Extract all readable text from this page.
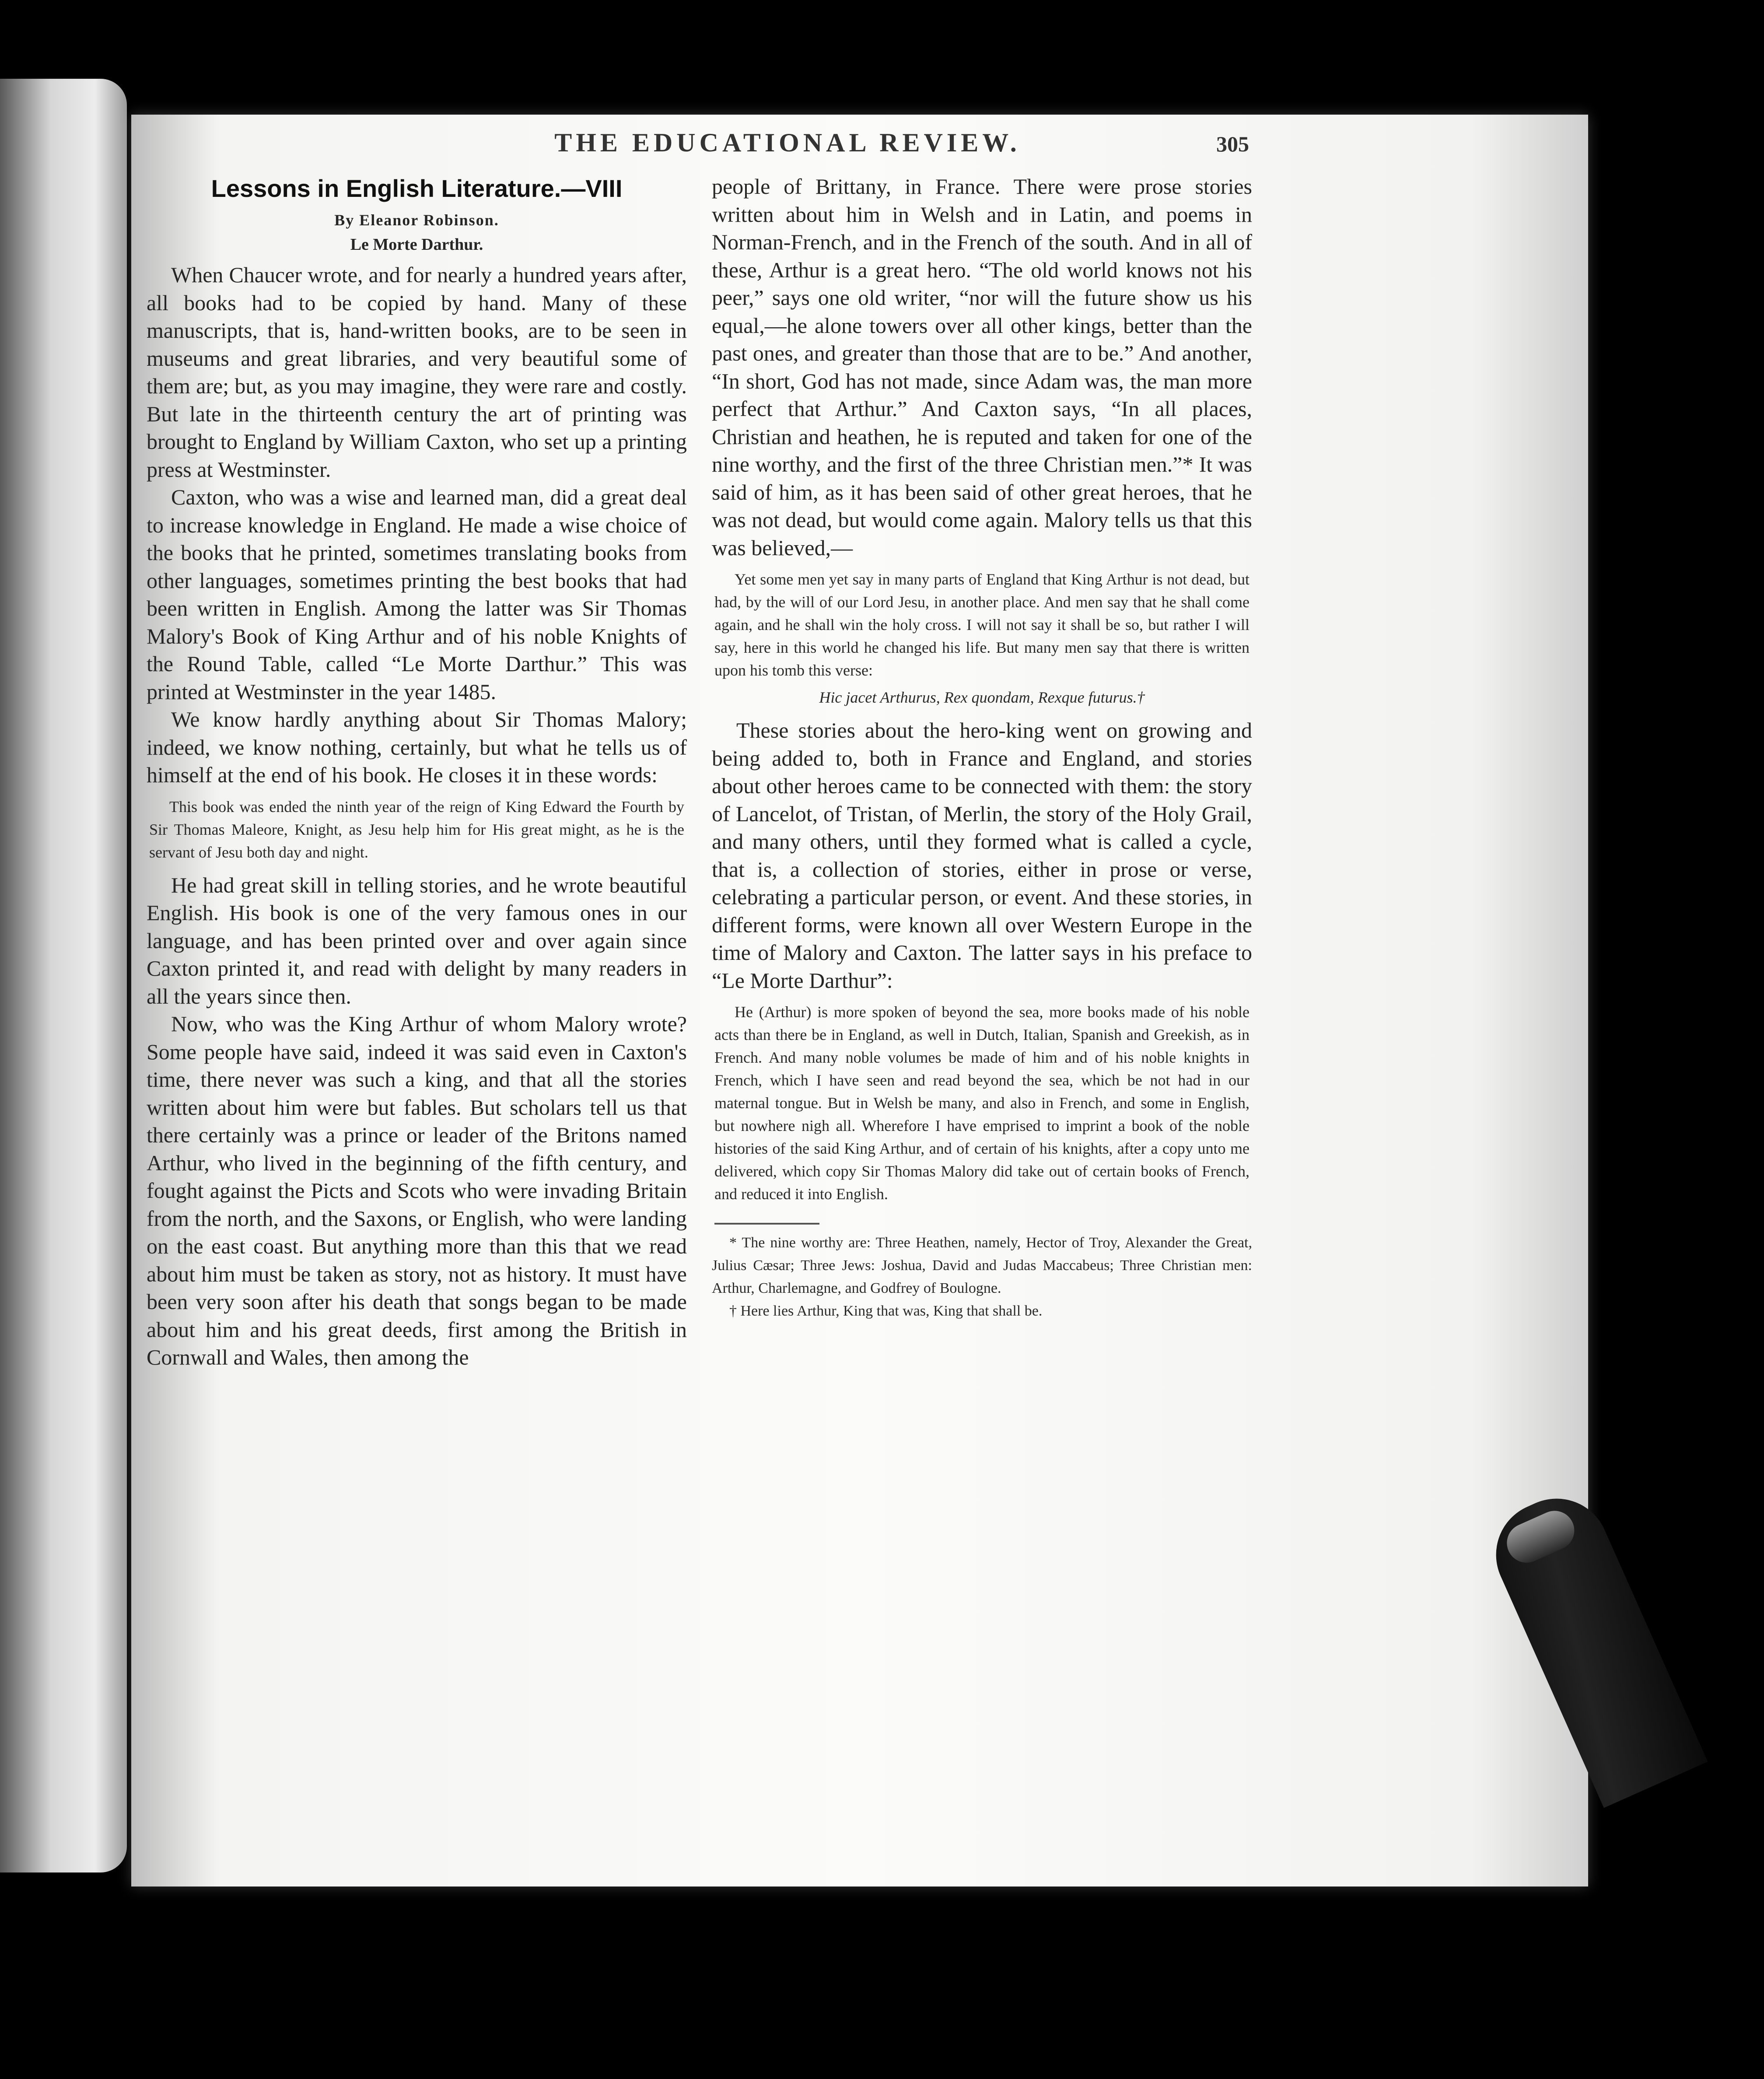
THE EDUCATIONAL REVIEW.	305
Lessons in English Literature.—VIII
By Eleanor Robinson.
Le Morte Darthur.

When Chaucer wrote, and for nearly a hundred years after, all books had to be copied by hand. Many of these manuscripts, that is, hand-written books, are to be seen in museums and great libraries, and very beautiful some of them are; but, as you may imagine, they were rare and costly. But late in the thirteenth century the art of printing was brought to England by William Caxton, who set up a printing press at Westminster.

Caxton, who was a wise and learned man, did a great deal to increase knowledge in England. He made a wise choice of the books that he printed, sometimes translating books from other languages, sometimes printing the best books that had been written in English. Among the latter was Sir Thomas Malory's Book of King Arthur and of his noble Knights of the Round Table, called “Le Morte Darthur.” This was printed at Westminster in the year 1485.

We know hardly anything about Sir Thomas Malory; indeed, we know nothing, certainly, but what he tells us of himself at the end of his book. He closes it in these words:

This book was ended the ninth year of the reign of King Edward the Fourth by Sir Thomas Maleore, Knight, as Jesu help him for His great might, as he is the servant of Jesu both day and night.

He had great skill in telling stories, and he wrote beautiful English. His book is one of the very famous ones in our language, and has been printed over and over again since Caxton printed it, and read with delight by many readers in all the years since then.

Now, who was the King Arthur of whom Malory wrote? Some people have said, indeed it was said even in Caxton's time, there never was such a king, and that all the stories written about him were but fables. But scholars tell us that there certainly was a prince or leader of the Britons named Arthur, who lived in the beginning of the fifth century, and fought against the Picts and Scots who were invading Britain from the north, and the Saxons, or English, who were landing on the east coast. But anything more than this that we read about him must be taken as story, not as history. It must have been very soon after his death that songs began to be made about him and his great deeds, first among the British in Cornwall and Wales, then among the

people of Brittany, in France. There were prose stories written about him in Welsh and in Latin, and poems in Norman-French, and in the French of the south. And in all of these, Arthur is a great hero. “The old world knows not his peer,” says one old writer, “nor will the future show us his equal,—he alone towers over all other kings, better than the past ones, and greater than those that are to be.” And another, “In short, God has not made, since Adam was, the man more perfect that Arthur.” And Caxton says, “In all places, Christian and heathen, he is reputed and taken for one of the nine worthy, and the first of the three Christian men.”* It was said of him, as it has been said of other great heroes, that he was not dead, but would come again. Malory tells us that this was believed,—

Yet some men yet say in many parts of England that King Arthur is not dead, but had, by the will of our Lord Jesu, in another place. And men say that he shall come again, and he shall win the holy cross. I will not say it shall be so, but rather I will say, here in this world he changed his life. But many men say that there is written upon his tomb this verse:

Hic jacet Arthurus, Rex quondam, Rexque futurus.†

These stories about the hero-king went on growing and being added to, both in France and England, and stories about other heroes came to be connected with them: the story of Lancelot, of Tristan, of Merlin, the story of the Holy Grail, and many others, until they formed what is called a cycle, that is, a collection of stories, either in prose or verse, celebrating a particular person, or event. And these stories, in different forms, were known all over Western Europe in the time of Malory and Caxton. The latter says in his preface to “Le Morte Darthur”:

He (Arthur) is more spoken of beyond the sea, more books made of his noble acts than there be in England, as well in Dutch, Italian, Spanish and Greekish, as in French. And many noble volumes be made of him and of his noble knights in French, which I have seen and read beyond the sea, which be not had in our maternal tongue. But in Welsh be many, and also in French, and some in English, but nowhere nigh all. Wherefore I have emprised to imprint a book of the noble histories of the said King Arthur, and of certain of his knights, after a copy unto me delivered, which copy Sir Thomas Malory did take out of certain books of French, and reduced it into English.

* The nine worthy are: Three Heathen, namely, Hector of Troy, Alexander the Great, Julius Cæsar; Three Jews: Joshua, David and Judas Maccabeus; Three Christian men: Arthur, Charlemagne, and Godfrey of Boulogne.

† Here lies Arthur, King that was, King that shall be.
